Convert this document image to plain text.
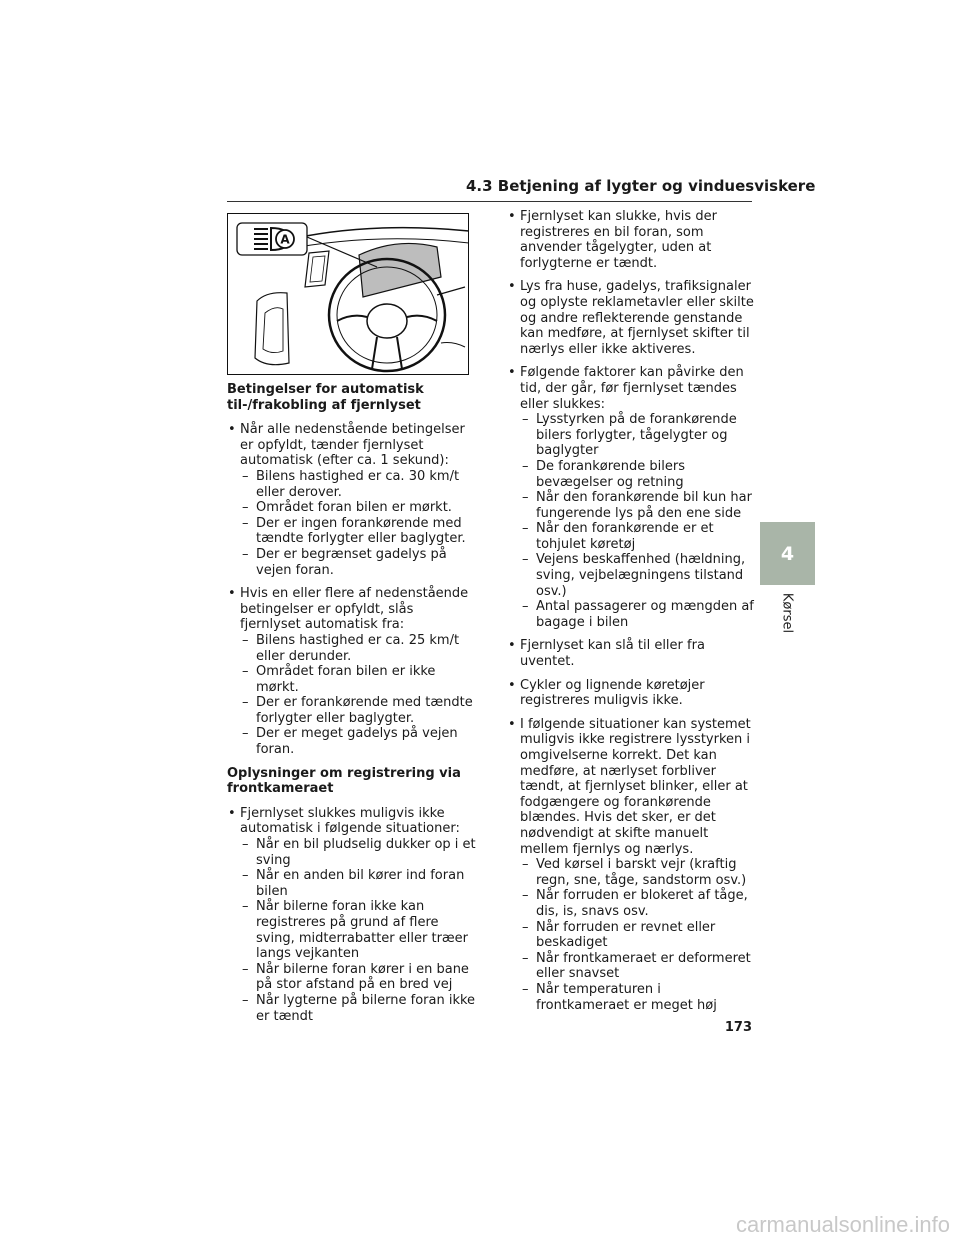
4.3 Betjening af lygter og vinduesviskere
A
Betingelser for automatisk til-/frakobling af fjernlyset
• Når alle nedenstående betingelser er opfyldt, tænder fjernlyset automatisk (efter ca. 1 sekund):
– Bilens hastighed er ca. 30 km/t eller derover.
– Området foran bilen er mørkt.
– Der er ingen forankørende med tændte forlygter eller baglygter.
– Der er begrænset gadelys på vejen foran.
• Hvis en eller flere af nedenstående betingelser er opfyldt, slås fjernlyset automatisk fra:
– Bilens hastighed er ca. 25 km/t eller derunder.
– Området foran bilen er ikke mørkt.
– Der er forankørende med tændte forlygter eller baglygter.
– Der er meget gadelys på vejen foran.
Oplysninger om registrering via frontkameraet
• Fjernlyset slukkes muligvis ikke automatisk i følgende situationer:
– Når en bil pludselig dukker op i et sving
– Når en anden bil kører ind foran bilen
– Når bilerne foran ikke kan registreres på grund af flere sving, midterrabatter eller træer langs vejkanten
– Når bilerne foran kører i en bane på stor afstand på en bred vej
– Når lygterne på bilerne foran ikke er tændt
• Fjernlyset kan slukke, hvis der registreres en bil foran, som anvender tågelygter, uden at forlygterne er tændt.
• Lys fra huse, gadelys, trafiksignaler og oplyste reklametavler eller skilte og andre reflekterende genstande kan medføre, at fjernlyset skifter til nærlys eller ikke aktiveres.
• Følgende faktorer kan påvirke den tid, der går, før fjernlyset tændes eller slukkes:
– Lysstyrken på de forankørende bilers forlygter, tågelygter og baglygter
– De forankørende bilers bevægelser og retning
– Når den forankørende bil kun har fungerende lys på den ene side
– Når den forankørende er et tohjulet køretøj
– Vejens beskaffenhed (hældning, sving, vejbelægningens tilstand osv.)
– Antal passagerer og mængden af bagage i bilen
• Fjernlyset kan slå til eller fra uventet.
• Cykler og lignende køretøjer registreres muligvis ikke.
• I følgende situationer kan systemet muligvis ikke registrere lysstyrken i omgivelserne korrekt. Det kan medføre, at nærlyset forbliver tændt, at fjernlyset blinker, eller at fodgængere og forankørende blændes. Hvis det sker, er det nødvendigt at skifte manuelt mellem fjernlys og nærlys.
– Ved kørsel i barskt vejr (kraftig regn, sne, tåge, sandstorm osv.)
– Når forruden er blokeret af tåge, dis, is, snavs osv.
– Når forruden er revnet eller beskadiget
– Når frontkameraet er deformeret eller snavset
– Når temperaturen i frontkameraet er meget høj
4
Kørsel
173
carmanualsonline.info
